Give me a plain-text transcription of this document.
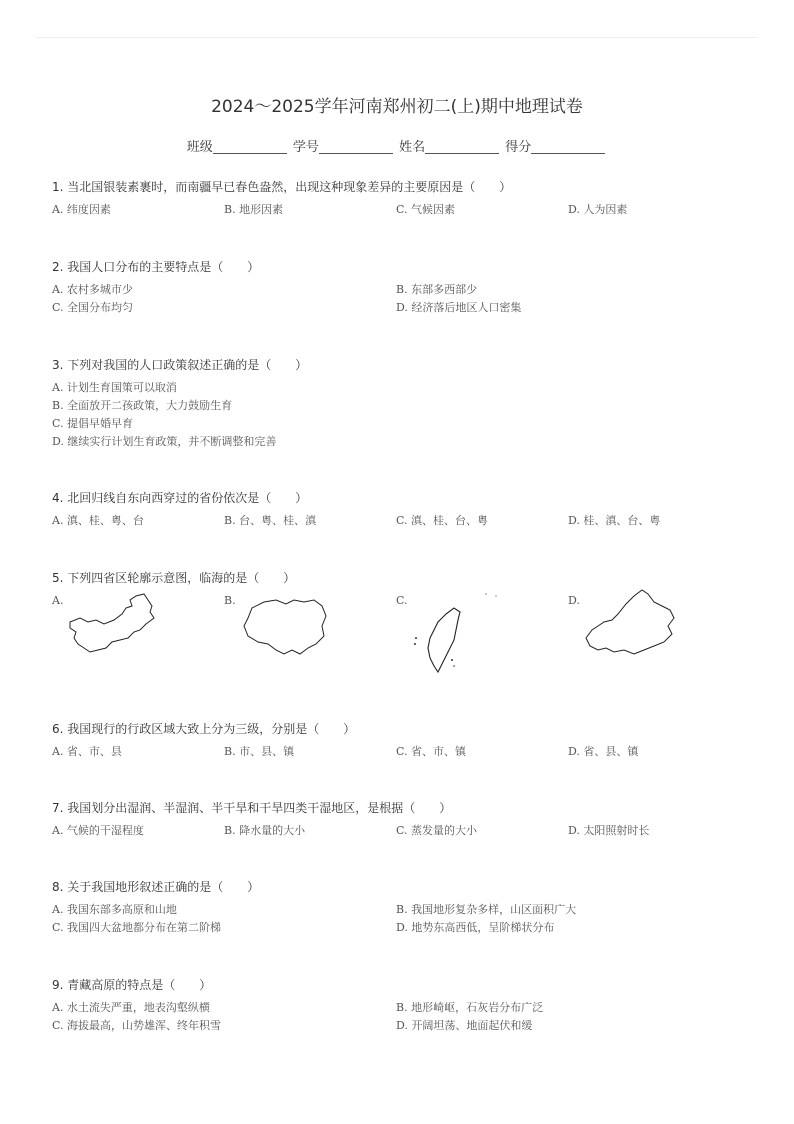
2024～2025学年河南郑州初二(上)期中地理试卷
班级	学号	姓名	得分
1. 当北国银装素裹时，而南疆早已春色盎然，出现这种现象差异的主要原因是（　　）
A. 纬度因素	B. 地形因素	C. 气候因素	D. 人为因素
2. 我国人口分布的主要特点是（　　）
A. 农村多城市少	B. 东部多西部少
C. 全国分布均匀	D. 经济落后地区人口密集
3. 下列对我国的人口政策叙述正确的是（　　）
A. 计划生育国策可以取消
B. 全面放开二孩政策，大力鼓励生育
C. 提倡早婚早育
D. 继续实行计划生育政策，并不断调整和完善
4. 北回归线自东向西穿过的省份依次是（　　）
A. 滇、桂、粤、台	B. 台、粤、桂、滇	C. 滇、桂、台、粤	D. 桂、滇、台、粤
5. 下列四省区轮廓示意图，临海的是（　　）
A.	B.	C.	D.
6. 我国现行的行政区域大致上分为三级，分别是（　　）
A. 省、市、县	B. 市、县、镇	C. 省、市、镇	D. 省、县、镇
7. 我国划分出湿润、半湿润、半干旱和干旱四类干湿地区，是根据（　　）
A. 气候的干湿程度	B. 降水量的大小	C. 蒸发量的大小	D. 太阳照射时长
8. 关于我国地形叙述正确的是（　　）
A. 我国东部多高原和山地	B. 我国地形复杂多样，山区面积广大
C. 我国四大盆地都分布在第二阶梯	D. 地势东高西低，呈阶梯状分布
9. 青藏高原的特点是（　　）
A. 水土流失严重，地表沟壑纵横	B. 地形崎岖，石灰岩分布广泛
C. 海拔最高，山势雄浑、终年积雪	D. 开阔坦荡、地面起伏和缓
